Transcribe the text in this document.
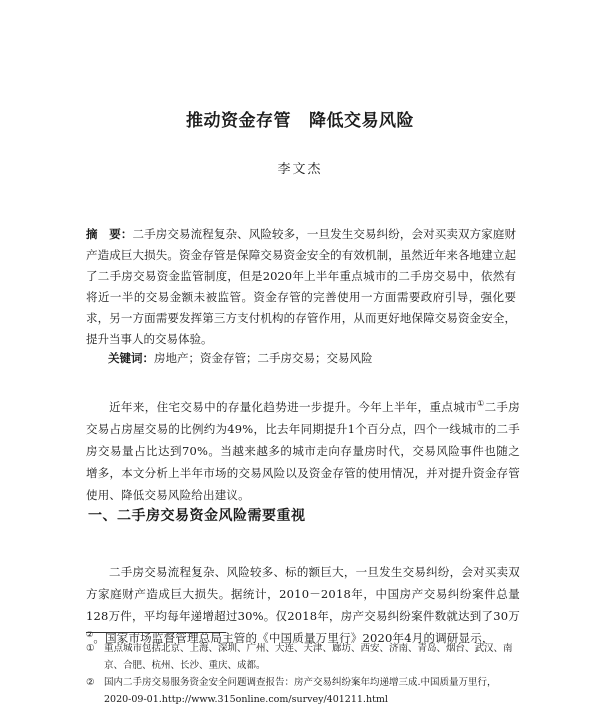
推动资金存管 降低交易风险
李文杰
摘　要：二手房交易流程复杂、风险较多，一旦发生交易纠纷，会对买卖双方家庭财产造成巨大损失。资金存管是保障交易资金安全的有效机制，虽然近年来各地建立起了二手房交易资金监管制度，但是2020年上半年重点城市的二手房交易中，依然有将近一半的交易金额未被监管。资金存管的完善使用一方面需要政府引导，强化要求，另一方面需要发挥第三方支付机构的存管作用，从而更好地保障交易资金安全，提升当事人的交易体验。
关键词：房地产；资金存管；二手房交易；交易风险
近年来，住宅交易中的存量化趋势进一步提升。今年上半年，重点城市①二手房交易占房屋交易的比例约为49%，比去年同期提升1个百分点，四个一线城市的二手房交易量占比达到70%。当越来越多的城市走向存量房时代，交易风险事件也随之增多，本文分析上半年市场的交易风险以及资金存管的使用情况，并对提升资金存管使用、降低交易风险给出建议。
一、二手房交易资金风险需要重视
二手房交易流程复杂、风险较多、标的额巨大，一旦发生交易纠纷，会对买卖双方家庭财产造成巨大损失。据统计，2010－2018年，中国房产交易纠纷案件总量128万件，平均每年递增超过30%。仅2018年，房产交易纠纷案件数就达到了30万②。国家市场监督管理总局主管的《中国质量万里行》2020年4月的调研显示，
① 重点城市包括北京、上海、深圳、广州、大连、天津、廊坊、西安、济南、青岛、烟台、武汉、南京、合肥、杭州、长沙、重庆、成都。
② 国内二手房交易服务资金安全问题调查报告：房产交易纠纷案年均递增三成.中国质量万里行，2020-09-01.http://www.315online.com/survey/401211.html
